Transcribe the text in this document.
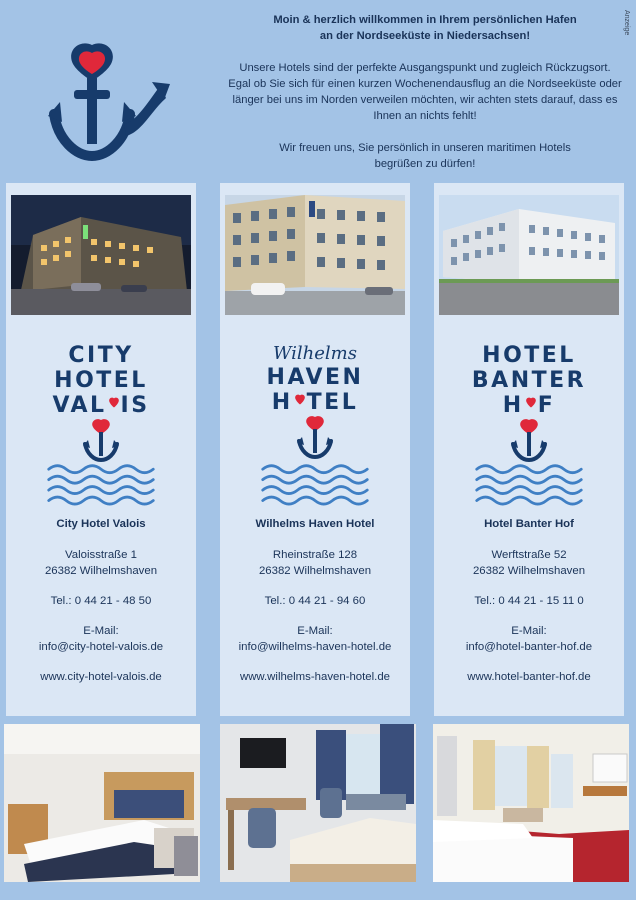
Anzeige

Moin & herzlich willkommen in Ihrem persönlichen Hafen
an der Nordseeküste in Niedersachsen!

Unsere Hotels sind der perfekte Ausgangspunkt und zugleich Rückzugsort.
Egal ob Sie sich für einen kurzen Wochenendausflug an die Nordseeküste oder
länger bei uns im Norden verweilen möchten, wir achten stets darauf, dass es
Ihnen an nichts fehlt!

Wir freuen uns, Sie persönlich in unseren maritimen Hotels
begrüßen zu dürfen!

CITY
HOTEL
VAL IS
City Hotel Valois
Valoisstraße 1
26382 Wilhelmshaven
Tel.: 0 44 21 - 48 50
E-Mail:
info@city-hotel-valois.de
www.city-hotel-valois.de
Wilhelms
HAVEN
H TEL
Wilhelms Haven Hotel
Rheinstraße 128
26382 Wilhelmshaven
Tel.: 0 44 21 - 94 60
E-Mail:
info@wilhelms-haven-hotel.de
www.wilhelms-haven-hotel.de
HOTEL
BANTER
H F
Hotel Banter Hof
Werftstraße 52
26382 Wilhelmshaven
Tel.: 0 44 21 - 15 11 0
E-Mail:
info@hotel-banter-hof.de
www.hotel-banter-hof.de
